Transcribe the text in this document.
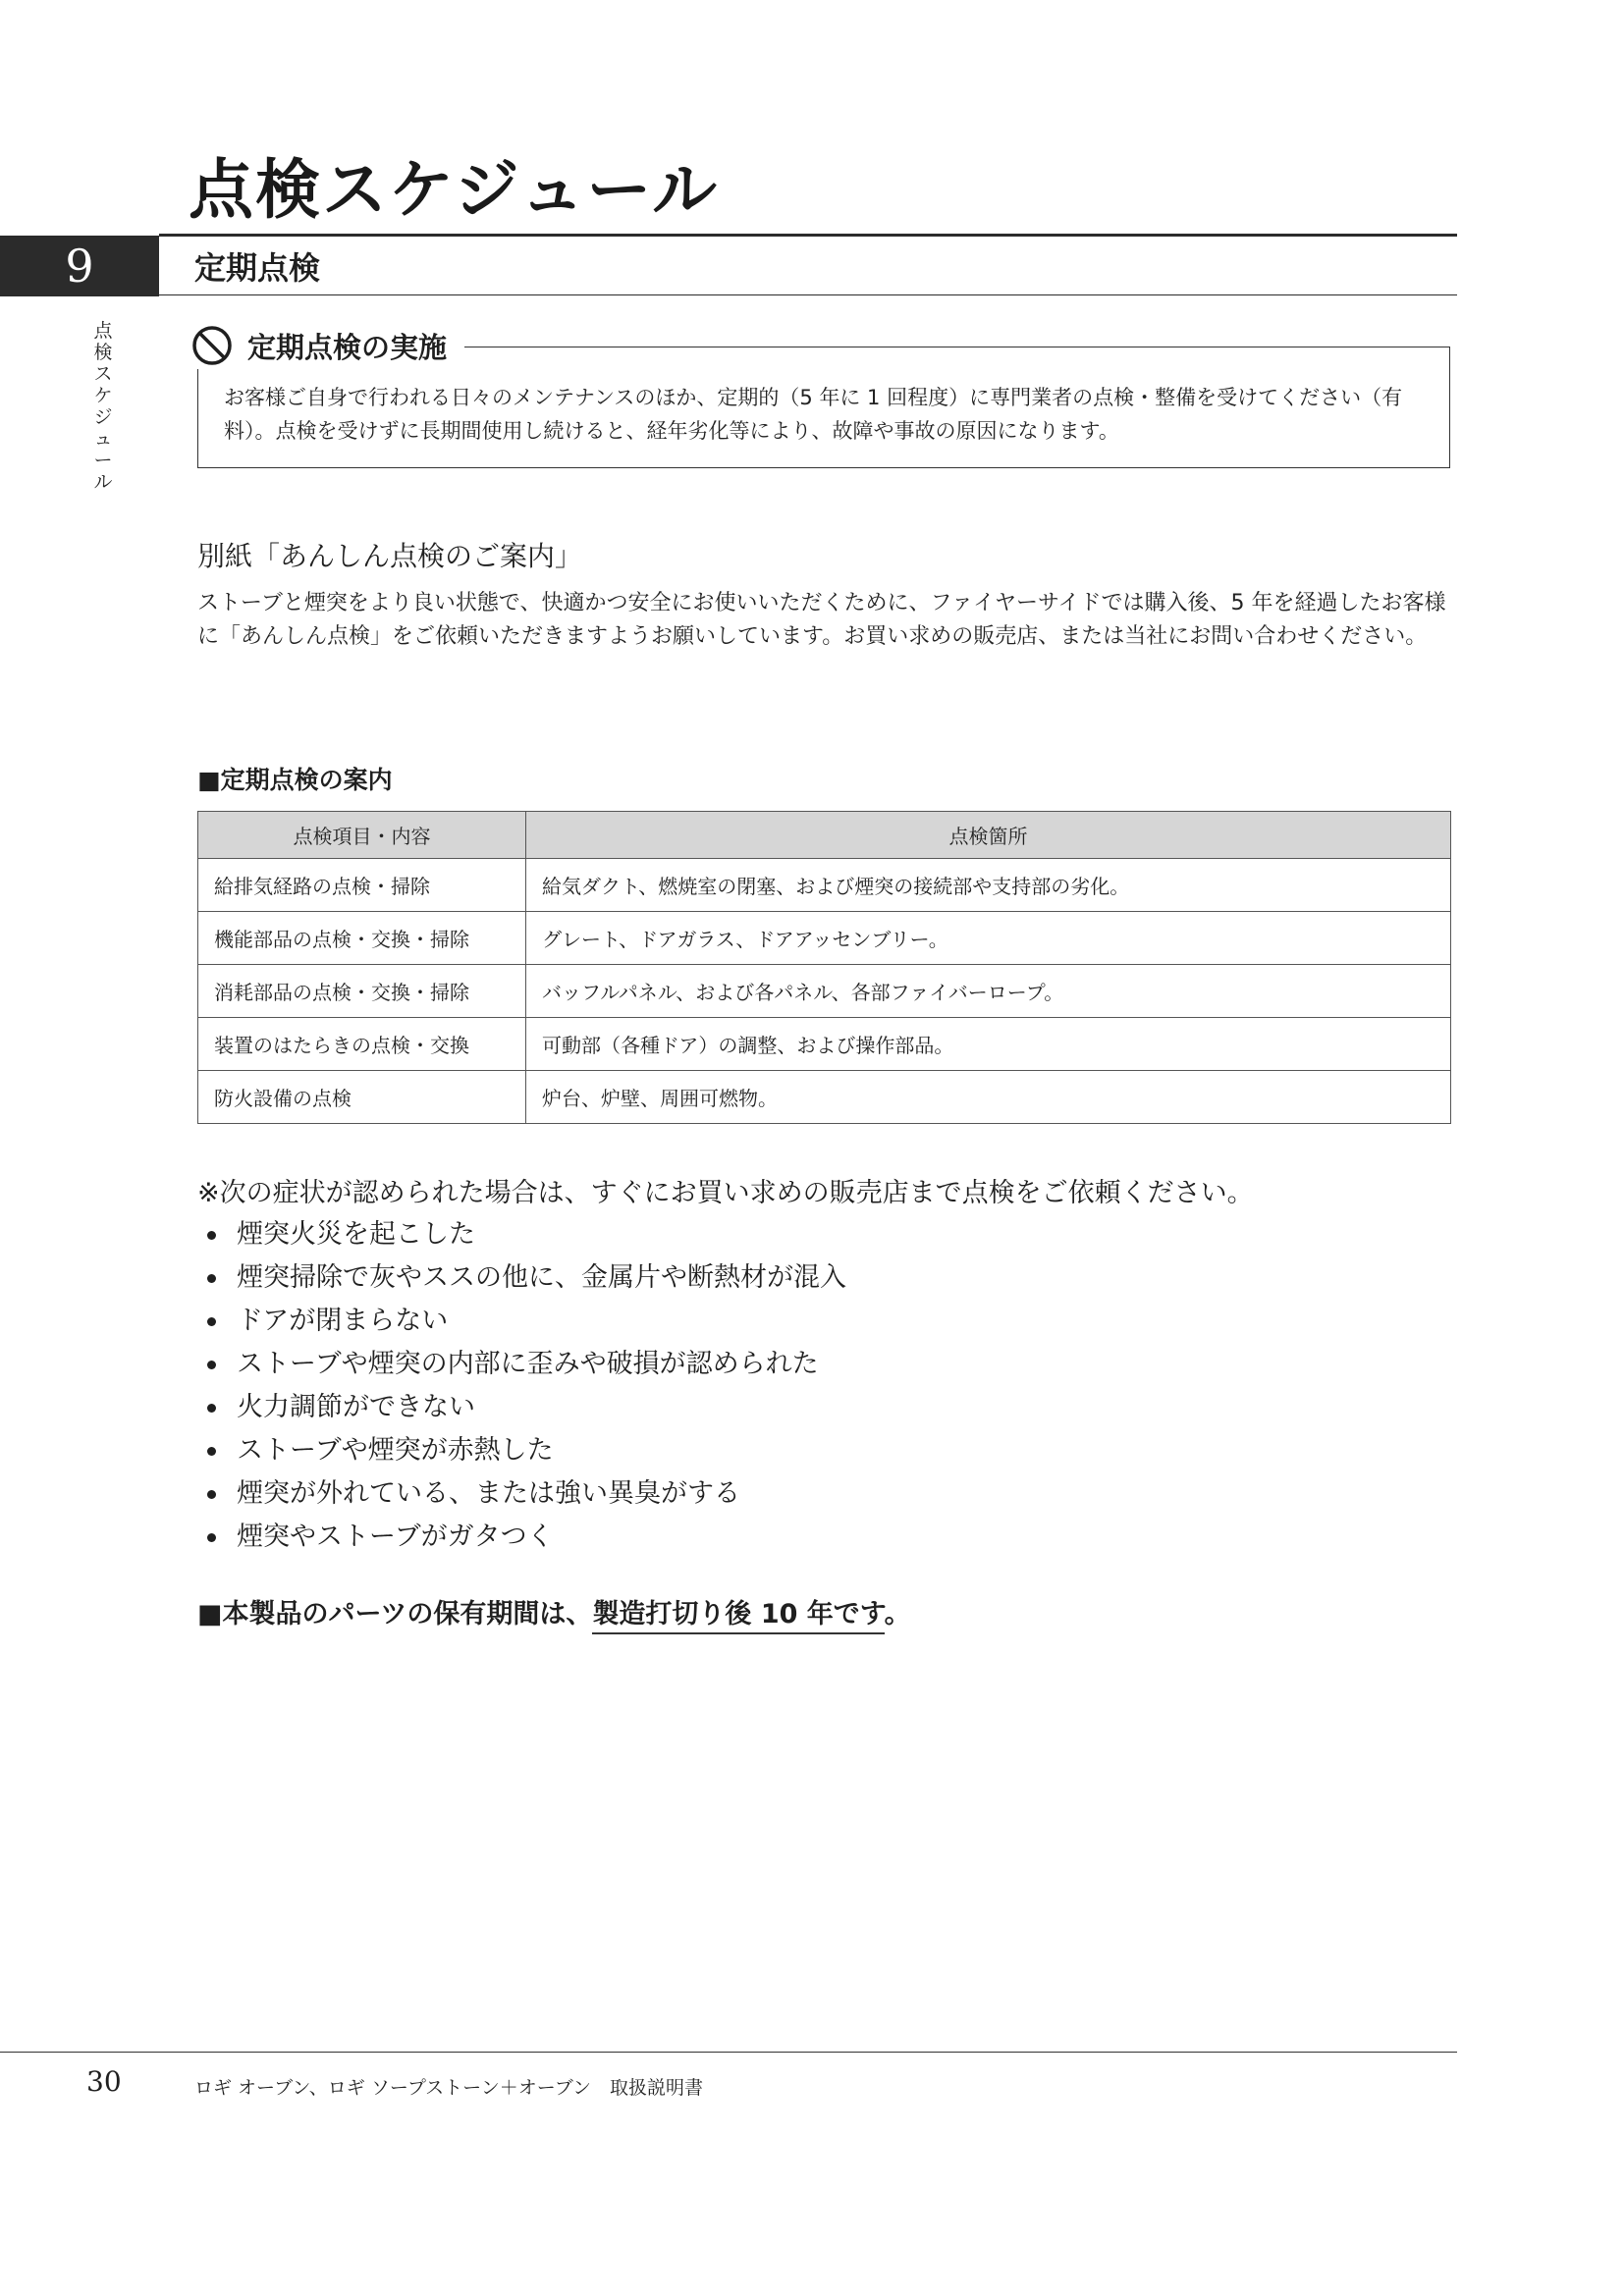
点検スケジュール
9	定期点検
点
検
ス
ケ
ジ
ュ
ー
ル
定期点検の実施
お客様ご自身で行われる日々のメンテナンスのほか、定期的（5 年に 1 回程度）に専門業者の点検・整備を受けてください（有料）。点検を受けずに長期間使用し続けると、経年劣化等により、故障や事故の原因になります。
別紙「あんしん点検のご案内」
ストーブと煙突をより良い状態で、快適かつ安全にお使いいただくために、ファイヤーサイドでは購入後、5 年を経過したお客様に「あんしん点検」をご依頼いただきますようお願いしています。お買い求めの販売店、または当社にお問い合わせください。
■定期点検の案内
点検項目・内容	点検箇所
給排気経路の点検・掃除	給気ダクト、燃焼室の閉塞、および煙突の接続部や支持部の劣化。
機能部品の点検・交換・掃除	グレート、ドアガラス、ドアアッセンブリー。
消耗部品の点検・交換・掃除	バッフルパネル、および各パネル、各部ファイバーロープ。
装置のはたらきの点検・交換	可動部（各種ドア）の調整、および操作部品。
防火設備の点検	炉台、炉壁、周囲可燃物。
※次の症状が認められた場合は、すぐにお買い求めの販売店まで点検をご依頼ください。
煙突火災を起こした
煙突掃除で灰やススの他に、金属片や断熱材が混入
ドアが閉まらない
ストーブや煙突の内部に歪みや破損が認められた
火力調節ができない
ストーブや煙突が赤熱した
煙突が外れている、または強い異臭がする
煙突やストーブがガタつく
■本製品のパーツの保有期間は、製造打切り後 10 年です。
30	ロギ オーブン、ロギ ソープストーン＋オーブン　取扱説明書
